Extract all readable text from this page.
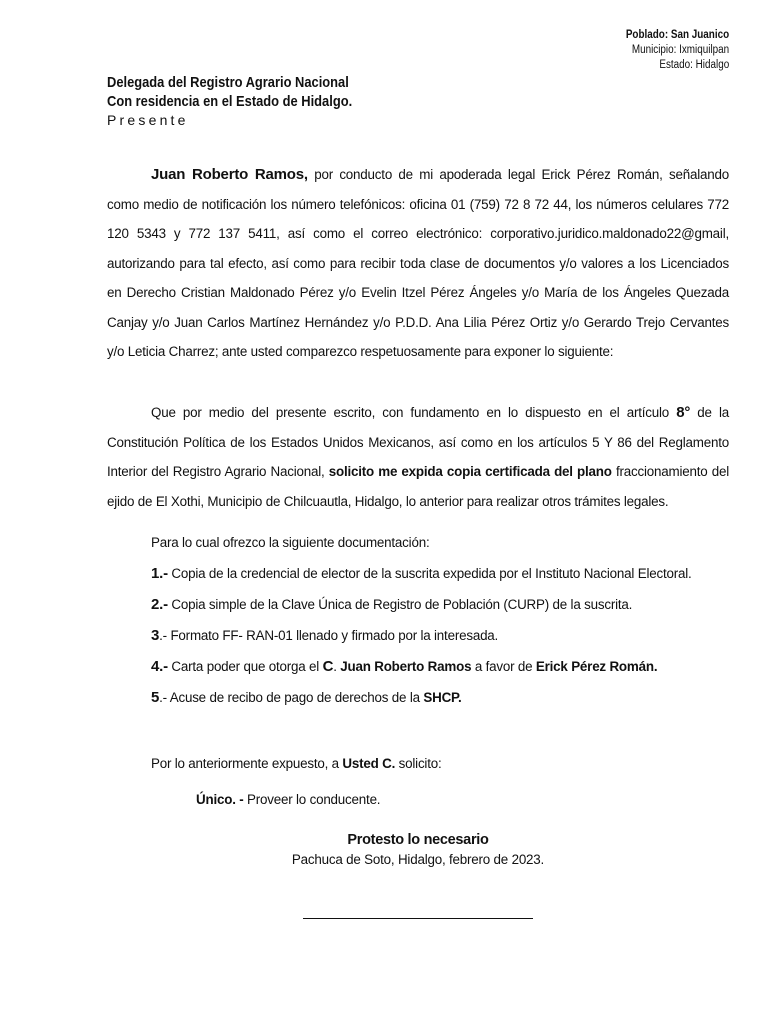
Poblado: San Juanico
Municipio: Ixmiquilpan
Estado: Hidalgo
Delegada del Registro Agrario Nacional
Con residencia en el Estado de Hidalgo.
Presente
Juan Roberto Ramos, por conducto de mi apoderada legal Erick Pérez Román, señalando como medio de notificación los número telefónicos: oficina 01 (759) 72 8 72 44, los números celulares 772 120 5343 y 772 137 5411, así como el correo electrónico: corporativo.juridico.maldonado22@gmail, autorizando para tal efecto, así como para recibir toda clase de documentos y/o valores a los Licenciados en Derecho Cristian Maldonado Pérez y/o Evelin Itzel Pérez Ángeles y/o María de los Ángeles Quezada Canjay y/o Juan Carlos Martínez Hernández y/o P.D.D. Ana Lilia Pérez Ortiz y/o Gerardo Trejo Cervantes y/o Leticia Charrez; ante usted comparezco respetuosamente para exponer lo siguiente:
Que por medio del presente escrito, con fundamento en lo dispuesto en el artículo 8° de la Constitución Política de los Estados Unidos Mexicanos, así como en los artículos 5 Y 86 del Reglamento Interior del Registro Agrario Nacional, solicito me expida copia certificada del plano fraccionamiento del ejido de El Xothi, Municipio de Chilcuautla, Hidalgo, lo anterior para realizar otros trámites legales.
Para lo cual ofrezco la siguiente documentación:
1.- Copia de la credencial de elector de la suscrita expedida por el Instituto Nacional Electoral.
2.- Copia simple de la Clave Única de Registro de Población (CURP) de la suscrita.
3.- Formato FF- RAN-01 llenado y firmado por la interesada.
4.- Carta poder que otorga el C. Juan Roberto Ramos a favor de Erick Pérez Román.
5.- Acuse de recibo de pago de derechos de la SHCP.
Por lo anteriormente expuesto, a Usted C. solicito:
Único. - Proveer lo conducente.
Protesto lo necesario
Pachuca de Soto, Hidalgo, febrero de 2023.
